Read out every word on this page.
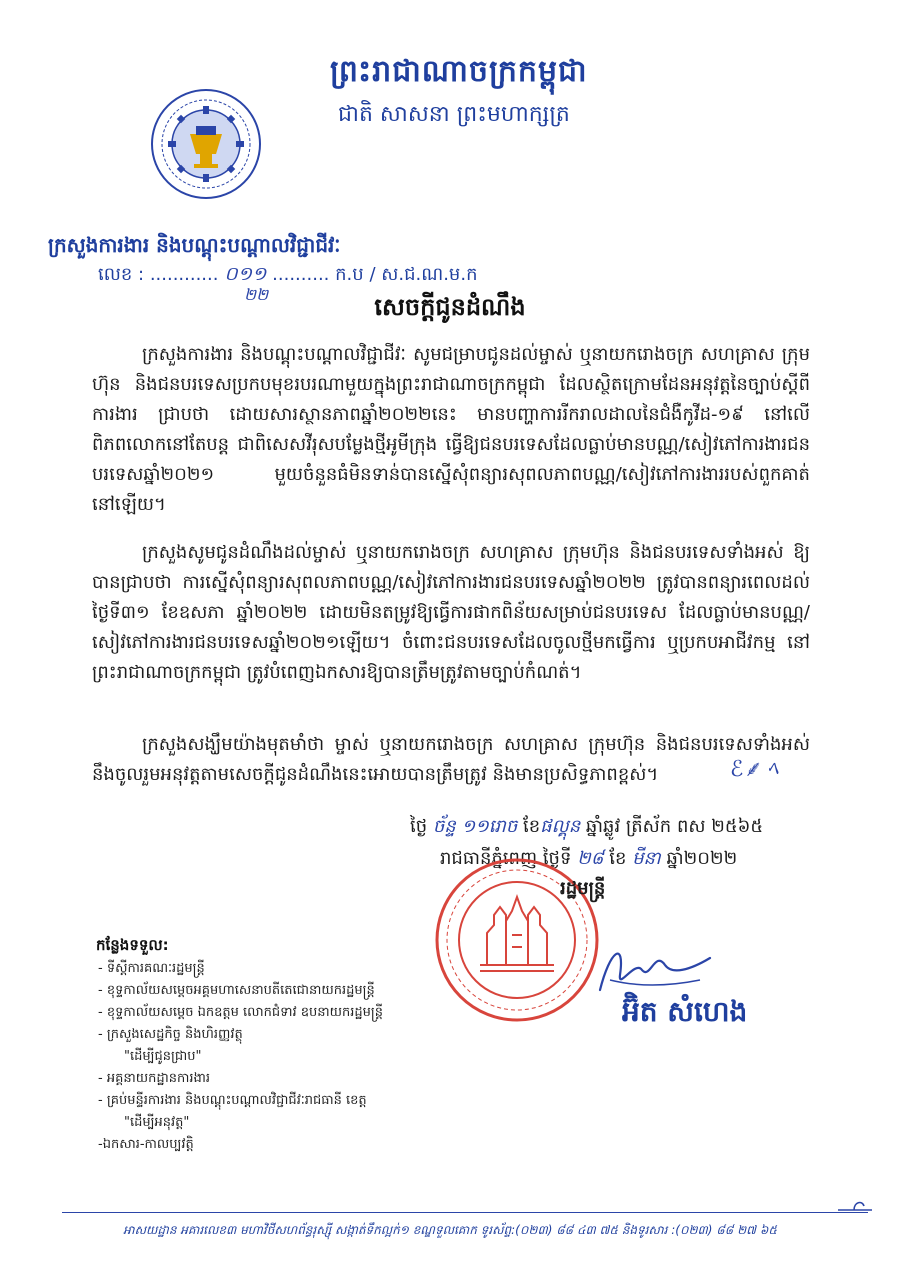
ព្រះរាជាណាចក្រកម្ពុជា
ជាតិ សាសនា ព្រះមហាក្សត្រ
ក្រសួងការងារ និងបណ្តុះបណ្តាលវិជ្ជាជីវៈ
លេខ : ............ ០១១ .......... ក.ប / ស.ជ.ណ.ម.ក
២២	សេចក្តីជូនដំណឹង
ក្រសួងការងារ និងបណ្តុះបណ្តាលវិជ្ជាជីវៈ សូមជម្រាបជូនដល់ម្ចាស់ ឬនាយករោងចក្រ សហគ្រាស ក្រុមហ៊ុន និងជនបរទេសប្រកបមុខរបរណាមួយក្នុងព្រះរាជាណាចក្រកម្ពុជា ដែលស្ថិតក្រោមដែនអនុវត្តនៃច្បាប់ស្តីពីការងារ ជ្រាបថា ដោយសារស្ថានភាពឆ្នាំ២០២២នេះ មានបញ្ហាការរីករាលដាលនៃជំងឺកូវីដ-១៩ នៅលើពិភពលោកនៅតែបន្ត ជាពិសេសវីរុសបម្លែងថ្មីអូមីក្រុង ធ្វើឱ្យជនបរទេសដែលធ្លាប់មានបណ្ណ/សៀវភៅការងារជនបរទេសឆ្នាំ២០២១ មួយចំនួនធំមិនទាន់បានស្នើសុំពន្យារសុពលភាពបណ្ណ/សៀវភៅការងាររបស់ពួកគាត់នៅឡើយ។
ក្រសួងសូមជូនដំណឹងដល់ម្ចាស់ ឬនាយករោងចក្រ សហគ្រាស ក្រុមហ៊ុន និងជនបរទេសទាំងអស់ ឱ្យបានជ្រាបថា ការស្នើសុំពន្យារសុពលភាពបណ្ណ/សៀវភៅការងារជនបរទេសឆ្នាំ២០២២ ត្រូវបានពន្យារពេលដល់ថ្ងៃទី៣១ ខែឧសភា ឆ្នាំ២០២២ ដោយមិនតម្រូវឱ្យធ្វើការផាកពិន័យសម្រាប់ជនបរទេស ដែលធ្លាប់មានបណ្ណ/សៀវភៅការងារជនបរទេសឆ្នាំ២០២១ឡើយ។ ចំពោះជនបរទេសដែលចូលថ្មីមកធ្វើការ ឬប្រកបអាជីវកម្ម នៅព្រះរាជាណាចក្រកម្ពុជា ត្រូវបំពេញឯកសារឱ្យបានត្រឹមត្រូវតាមច្បាប់កំណត់។
ក្រសួងសង្ឃឹមយ៉ាងមុតមាំថា ម្ចាស់ ឬនាយករោងចក្រ សហគ្រាស ក្រុមហ៊ុន និងជនបរទេសទាំងអស់ នឹងចូលរួមអនុវត្តតាមសេចក្តីជូនដំណឹងនេះអោយបានត្រឹមត្រូវ និងមានប្រសិទ្ធភាពខ្ពស់។	ℰ⸙ ﾍ
ថ្ងៃ ច័ន្ទ ១១រោច ខែផល្គុន ឆ្នាំឆ្លូវ ត្រីស័ក ពស ២៥៦៥
រាជធានីភ្នំពេញ ថ្ងៃទី ២៨ ខែ មីនា ឆ្នាំ២០២២
រដ្ឋមន្ត្រី
អ៊ិត សំហេង
កន្លែងទទួល:
- ទីស្តីការគណៈរដ្ឋមន្ត្រី
- ខុទ្ទកាល័យសម្តេចអគ្គមហាសេនាបតីតេជោនាយករដ្ឋមន្ត្រី
- ខុទ្ទកាល័យសម្តេច ឯកឧត្តម លោកជំទាវ ឧបនាយករដ្ឋមន្ត្រី
- ក្រសួងសេដ្ឋកិច្ច និងហិរញ្ញវត្ថុ
"ដើម្បីជូនជ្រាប"
- អគ្គនាយកដ្ឋានការងារ
- គ្រប់មន្ទីរការងារ និងបណ្តុះបណ្តាលវិជ្ជាជីវៈរាជធានី ខេត្ត
"ដើម្បីអនុវត្ត"
-ឯកសារ-កាលប្បវត្តិ
អាសយដ្ឋាន អគារលេខ៣ មហាវិថីសហព័ន្ធរុស្ស៊ី សង្កាត់ទឹកល្អក់១ ខណ្ឌទួលគោក ទូរស័ព្ទ:(០២៣) ៨៨ ៤៣ ៧៥ និងទូរសារ :(០២៣) ៨៨ ២៧ ៦៥
